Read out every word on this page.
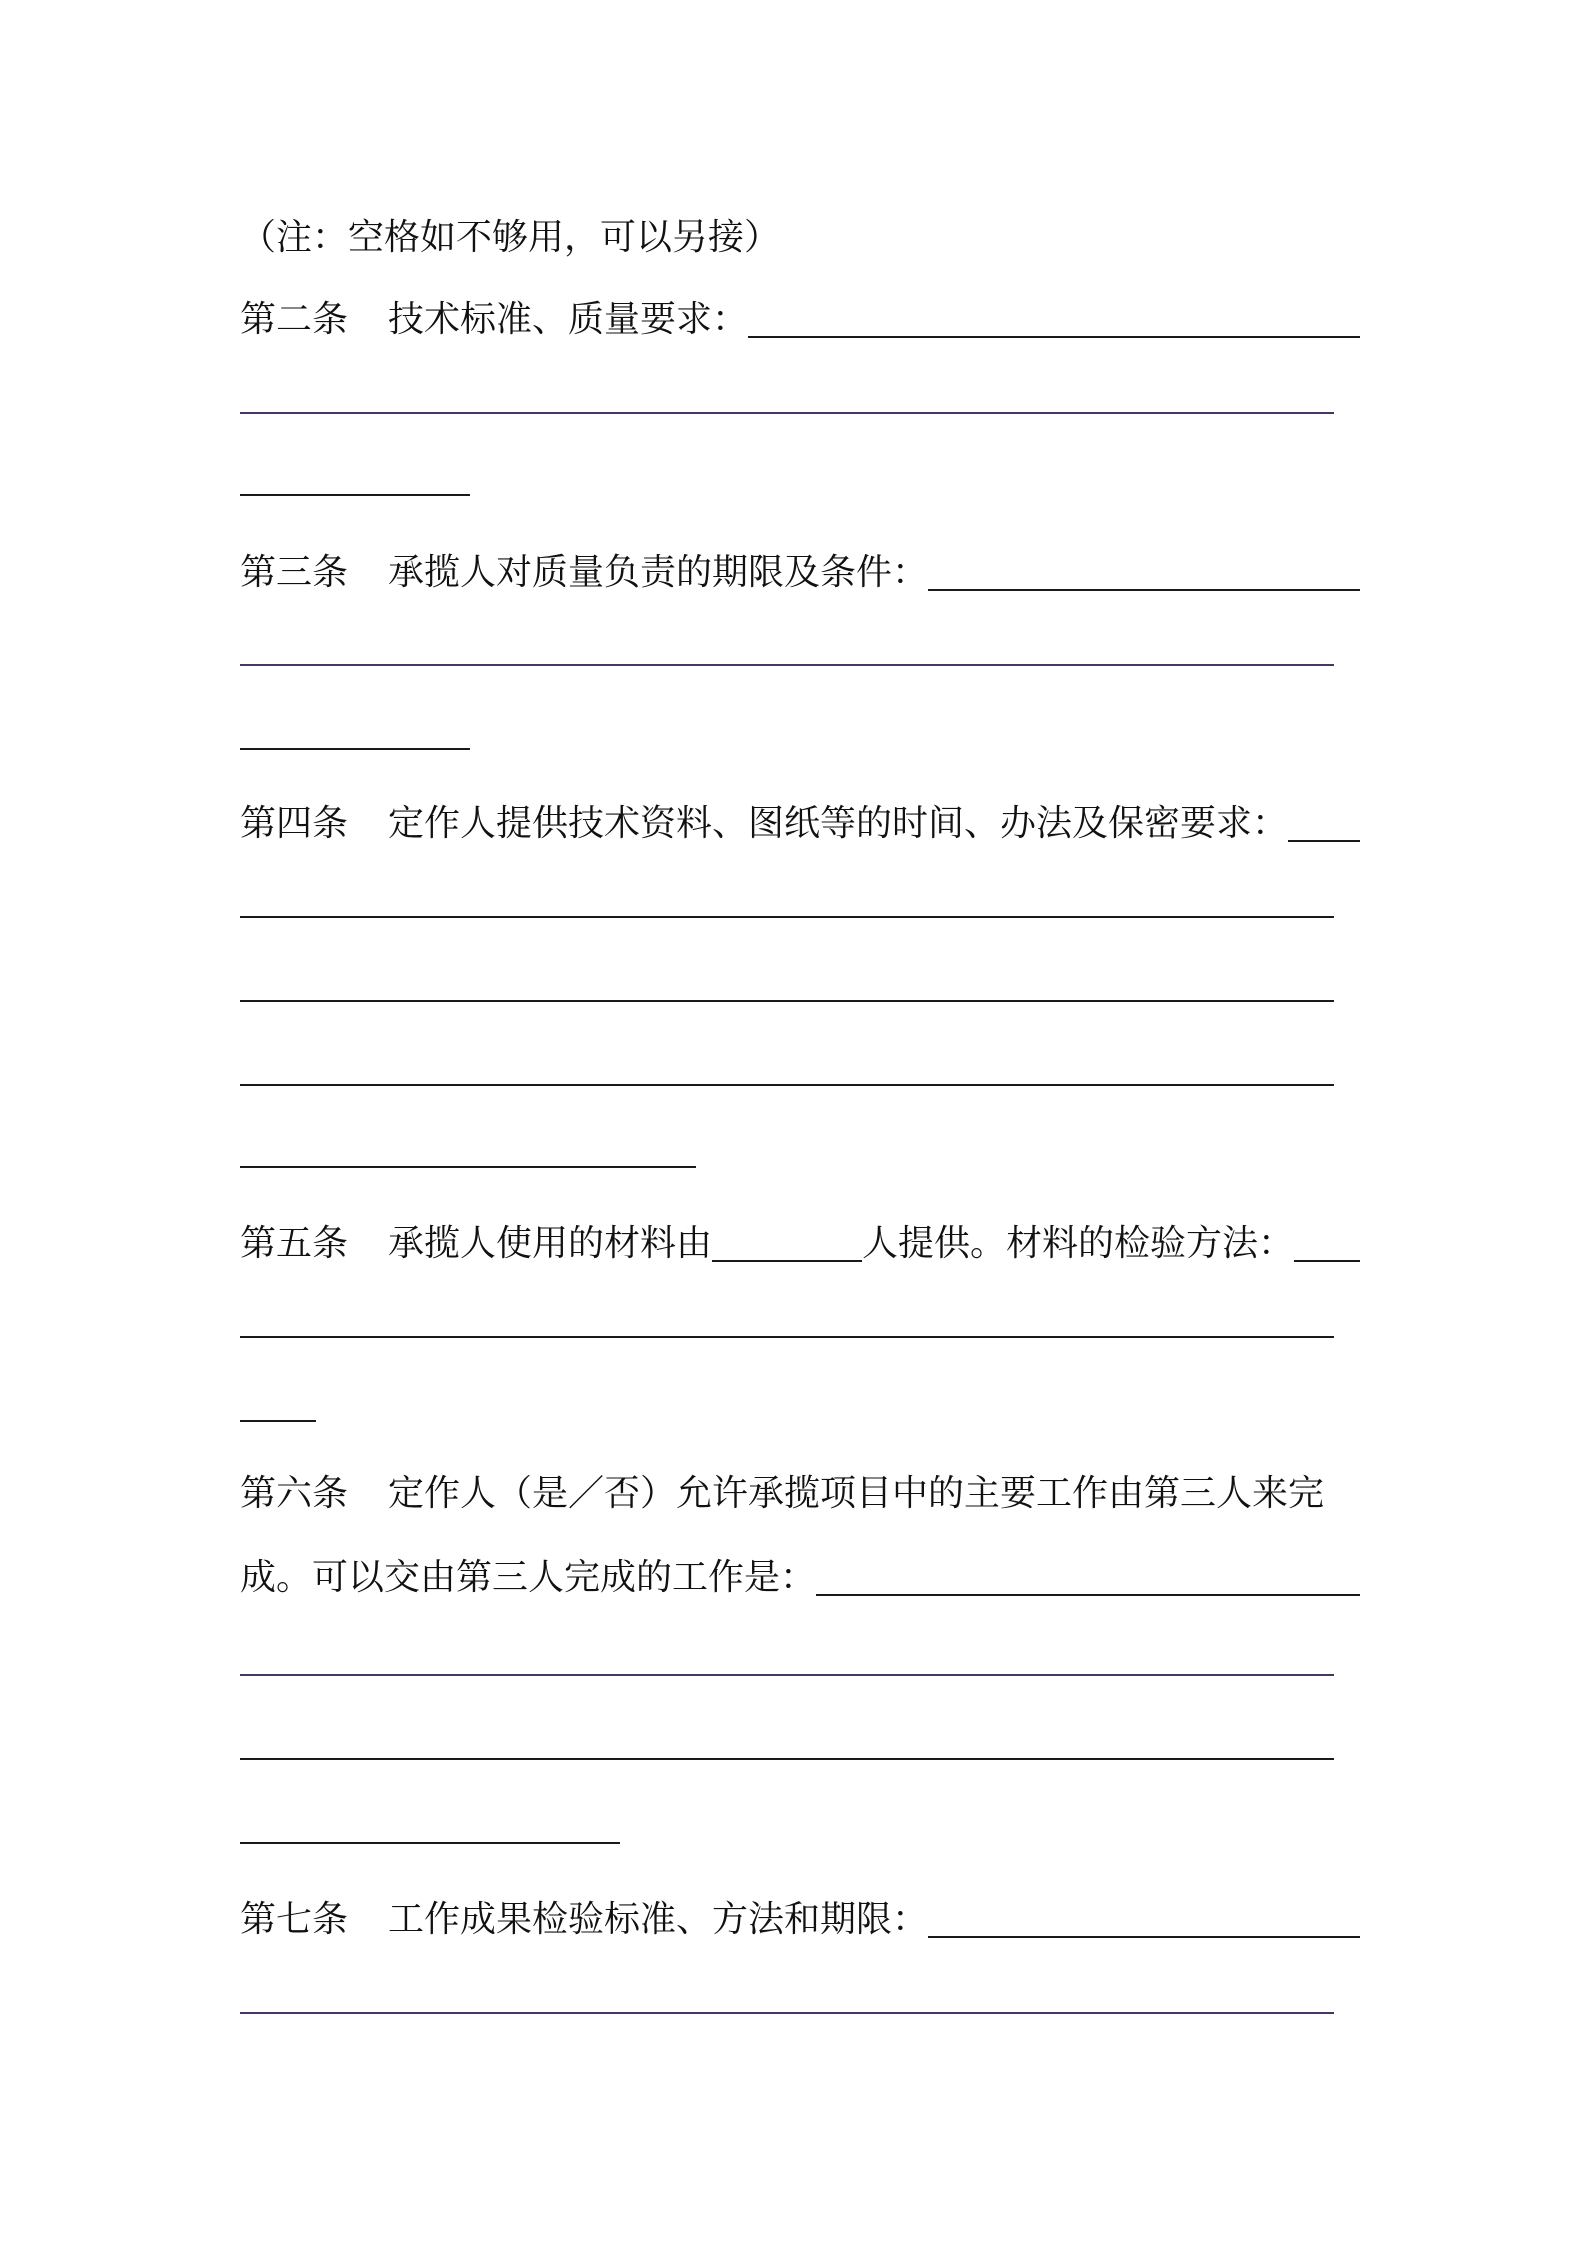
（注：空格如不够用，可以另接）
第二条 技术标准、质量要求：
第三条 承揽人对质量负责的期限及条件：
第四条 定作人提供技术资料、图纸等的时间、办法及保密要求：
第五条 承揽人使用的材料由	人提供。材料的检验方法：
第六条 定作人（是／否）允许承揽项目中的主要工作由第三人来完
成。可以交由第三人完成的工作是：
第七条 工作成果检验标准、方法和期限：
